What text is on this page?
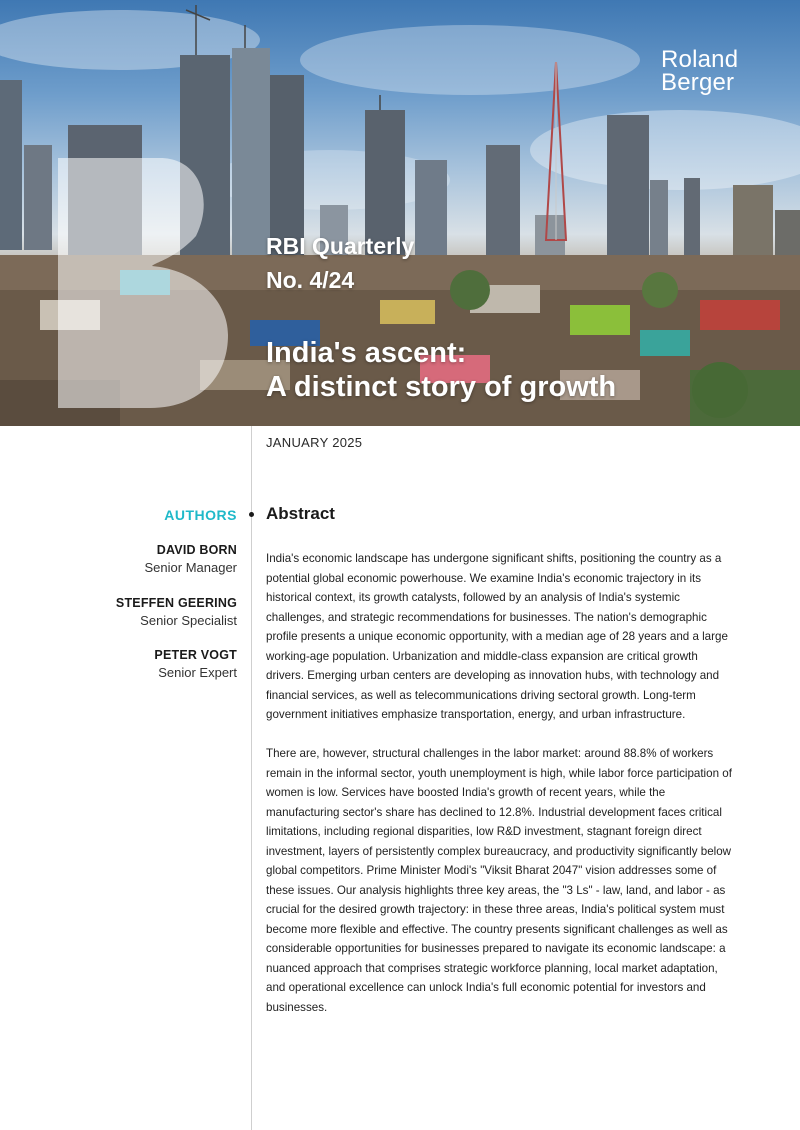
Roland
Berger
RBI Quarterly
No. 4/24
India's ascent:
A distinct story of growth
JANUARY 2025
AUTHORS
DAVID BORN
Senior Manager
STEFFEN GEERING
Senior Specialist
PETER VOGT
Senior Expert
Abstract

India's economic landscape has undergone significant shifts, positioning the country as a potential global economic powerhouse. We examine India's economic trajectory in its historical context, its growth catalysts, followed by an analysis of India's systemic challenges, and strategic recommendations for businesses. The nation's demographic profile presents a unique economic opportunity, with a median age of 28 years and a large working-age population. Urbanization and middle-class expansion are critical growth drivers. Emerging urban centers are developing as innovation hubs, with technology and financial services, as well as telecommunications driving sectoral growth. Long-term government initiatives emphasize transportation, energy, and urban infrastructure.

There are, however, structural challenges in the labor market: around 88.8% of workers remain in the informal sector, youth unemployment is high, while labor force participation of women is low. Services have boosted India's growth of recent years, while the manufacturing sector's share has declined to 12.8%. Industrial development faces critical limitations, including regional disparities, low R&D investment, stagnant foreign direct investment, layers of persistently complex bureaucracy, and productivity significantly below global competitors. Prime Minister Modi's "Viksit Bharat 2047" vision addresses some of these issues. Our analysis highlights three key areas, the "3 Ls" - law, land, and labor - as crucial for the desired growth trajectory: in these three areas, India's political system must become more flexible and effective. The country presents significant challenges as well as considerable opportunities for businesses prepared to navigate its economic landscape: a nuanced approach that comprises strategic workforce planning, local market adaptation, and operational excellence can unlock India's full economic potential for investors and businesses.
